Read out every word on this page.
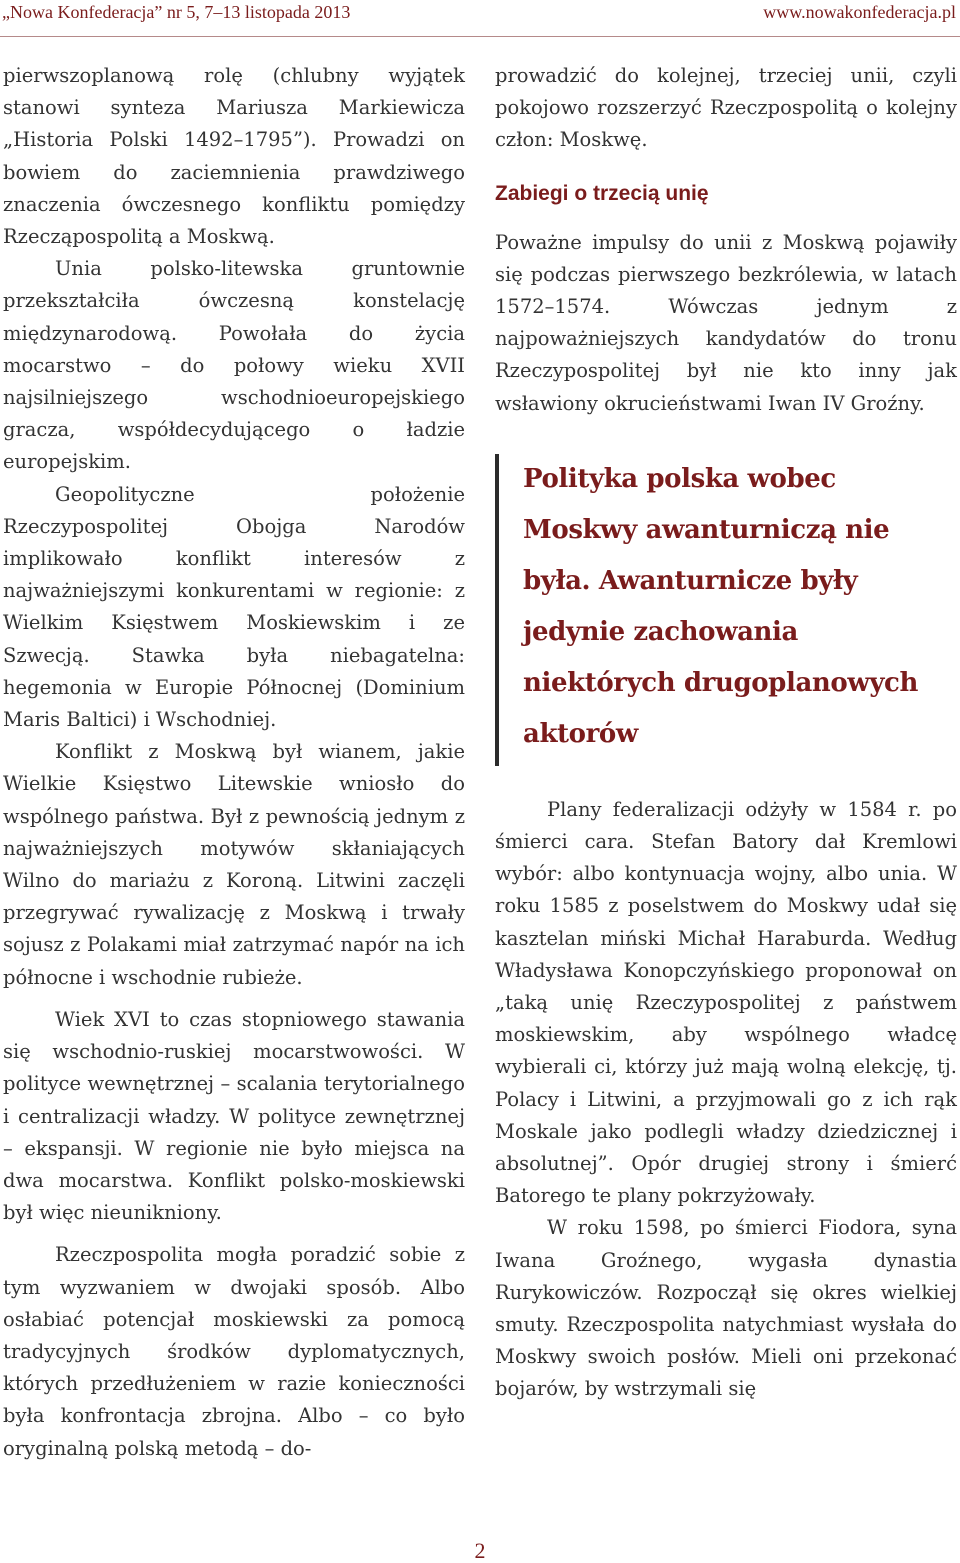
„Nowa Konfederacja” nr 5, 7–13 listopada 2013	www.nowakonfederacja.pl

pierwszoplanową rolę (chlubny wyjątek stanowi synteza Mariusza Markiewicza „Historia Polski 1492–1795”). Prowadzi on bowiem do zaciemnienia prawdziwego znaczenia ówczesnego konfliktu pomiędzy Rzecząpospolitą a Moskwą.

Unia polsko-litewska gruntownie przekształciła ówczesną konstelację międzynarodową. Powołała do życia mocarstwo – do połowy wieku XVII najsilniejszego wschodnioeuropejskiego gracza, współdecydującego o ładzie europejskim.

Geopolityczne położenie Rzeczypospolitej Obojga Narodów implikowało konflikt interesów z najważniejszymi konkurentami w regionie: z Wielkim Księstwem Moskiewskim i ze Szwecją. Stawka była niebagatelna: hegemonia w Europie Północnej (Dominium Maris Baltici) i Wschodniej.

Konflikt z Moskwą był wianem, jakie Wielkie Księstwo Litewskie wniosło do wspólnego państwa. Był z pewnością jednym z najważniejszych motywów skłaniających Wilno do mariażu z Koroną. Litwini zaczęli przegrywać rywalizację z Moskwą i trwały sojusz z Polakami miał zatrzymać napór na ich północne i wschodnie rubieże.

Wiek XVI to czas stopniowego stawania się wschodnio-ruskiej mocarstwowości. W polityce wewnętrznej – scalania terytorialnego i centralizacji władzy. W polityce zewnętrznej – ekspansji. W regionie nie było miejsca na dwa mocarstwa. Konflikt polsko-moskiewski był więc nieunikniony.

Rzeczpospolita mogła poradzić sobie z tym wyzwaniem w dwojaki sposób. Albo osłabiać potencjał moskiewski za pomocą tradycyjnych środków dyplomatycznych, których przedłużeniem w razie konieczności była konfrontacja zbrojna. Albo – co było oryginalną polską metodą – do-

prowadzić do kolejnej, trzeciej unii, czyli pokojowo rozszerzyć Rzeczpospolitą o kolejny człon: Moskwę.

Zabiegi o trzecią unię

Poważne impulsy do unii z Moskwą pojawiły się podczas pierwszego bezkrólewia, w latach 1572–1574. Wówczas jednym z najpoważniejszych kandydatów do tronu Rzeczypospolitej był nie kto inny jak wsławiony okrucieństwami Iwan IV Groźny.

Polityka polska wobec Moskwy awanturniczą nie była. Awanturnicze były jedynie zachowania niektórych drugoplanowych aktorów

Plany federalizacji odżyły w 1584 r. po śmierci cara. Stefan Batory dał Kremlowi wybór: albo kontynuacja wojny, albo unia. W roku 1585 z poselstwem do Moskwy udał się kasztelan miński Michał Haraburda. Według Władysława Konopczyńskiego proponował on „taką unię Rzeczypospolitej z państwem moskiewskim, aby wspólnego władcę wybierali ci, którzy już mają wolną elekcję, tj. Polacy i Litwini, a przyjmowali go z ich rąk Moskale jako podlegli władzy dziedzicznej i absolutnej”. Opór drugiej strony i śmierć Batorego te plany pokrzyżowały.

W roku 1598, po śmierci Fiodora, syna Iwana Groźnego, wygasła dynastia Rurykowiczów. Rozpoczął się okres wielkiej smuty. Rzeczpospolita natychmiast wysłała do Moskwy swoich posłów. Mieli oni przekonać bojarów, by wstrzymali się

2
